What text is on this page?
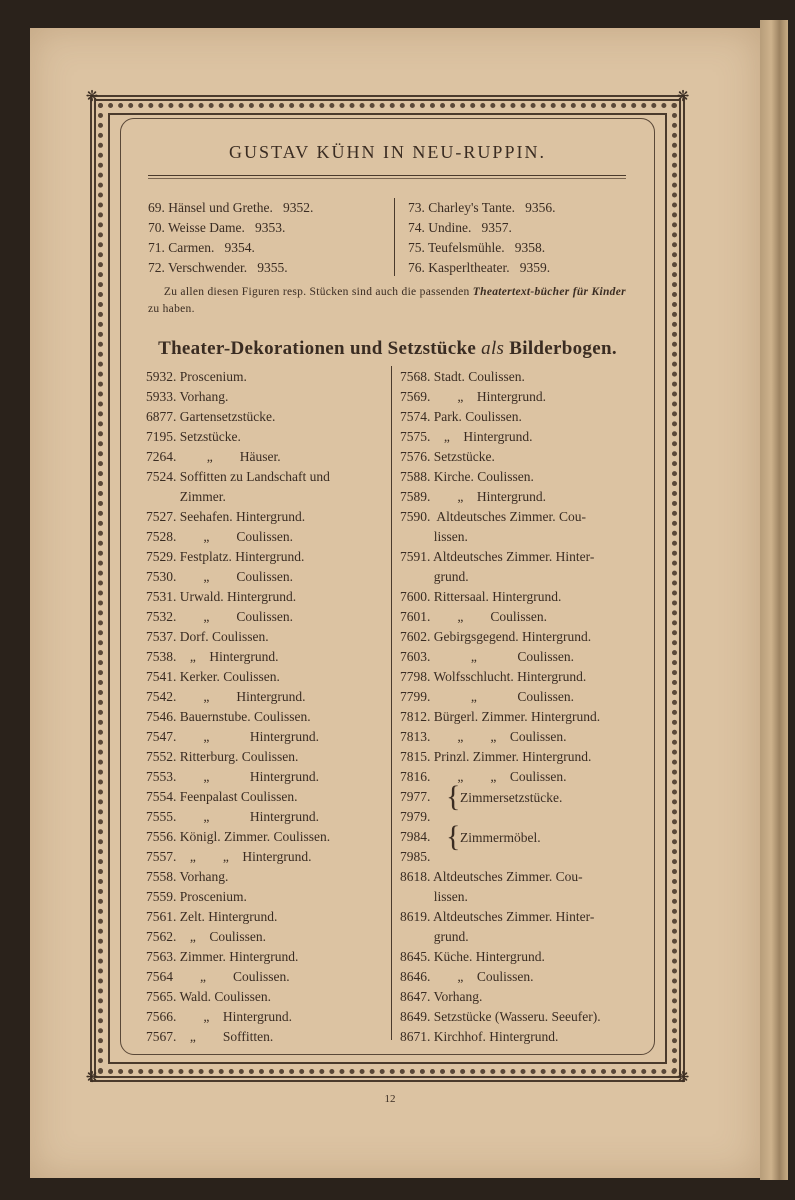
❋	❋
❋	❋
GUSTAV KÜHN IN NEU-RUPPIN.
69. Hänsel und Grethe.   9352.
70. Weisse Dame.   9353.
71. Carmen.   9354.
72. Verschwender.   9355.
73. Charley's Tante.   9356.
74. Undine.   9357.
75. Teufelsmühle.   9358.
76. Kasperltheater.   9359.
Zu allen diesen Figuren resp. Stücken sind auch die passenden Theatertext-bücher für Kinder zu haben.
Theater-Dekorationen und Setzstücke als Bilderbogen.
5932. Proscenium.
5933. Vorhang.
6877. Gartensetzstücke.
7195. Setzstücke.
7264.         „        Häuser.
7524. Soffitten zu Landschaft und
Zimmer.
7527. Seehafen. Hintergrund.
7528.        „        Coulissen.
7529. Festplatz. Hintergrund.
7530.        „        Coulissen.
7531. Urwald. Hintergrund.
7532.        „        Coulissen.
7537. Dorf. Coulissen.
7538.    „    Hintergrund.
7541. Kerker. Coulissen.
7542.        „        Hintergrund.
7546. Bauernstube. Coulissen.
7547.        „            Hintergrund.
7552. Ritterburg. Coulissen.
7553.        „            Hintergrund.
7554. Feenpalast Coulissen.
7555.        „            Hintergrund.
7556. Königl. Zimmer. Coulissen.
7557.    „        „    Hintergrund.
7558. Vorhang.
7559. Proscenium.
7561. Zelt. Hintergrund.
7562.    „    Coulissen.
7563. Zimmer. Hintergrund.
7564        „        Coulissen.
7565. Wald. Coulissen.
7566.        „    Hintergrund.
7567.    „        Soffitten.
7568. Stadt. Coulissen.
7569.        „    Hintergrund.
7574. Park. Coulissen.
7575.    „    Hintergrund.
7576. Setzstücke.
7588. Kirche. Coulissen.
7589.        „    Hintergrund.
7590.  Altdeutsches Zimmer. Cou-
lissen.
7591. Altdeutsches Zimmer. Hinter-
grund.
7600. Rittersaal. Hintergrund.
7601.        „        Coulissen.
7602. Gebirgsgegend. Hintergrund.
7603.            „            Coulissen.
7798. Wolfsschlucht. Hintergrund.
7799.            „            Coulissen.
7812. Bürgerl. Zimmer. Hintergrund.
7813.        „        „    Coulissen.
7815. Prinzl. Zimmer. Hintergrund.
7816.        „        „    Coulissen.
7977.
7979.
7984.
7985.
8618. Altdeutsches Zimmer. Cou-
lissen.
8619. Altdeutsches Zimmer. Hinter-
grund.
8645. Küche. Hintergrund.
8646.        „    Coulissen.
8647. Vorhang.
8649. Setzstücke (Wasseru. Seeufer).
8671. Kirchhof. Hintergrund.
{ Zimmersetzstücke.
{ Zimmermöbel.
12
